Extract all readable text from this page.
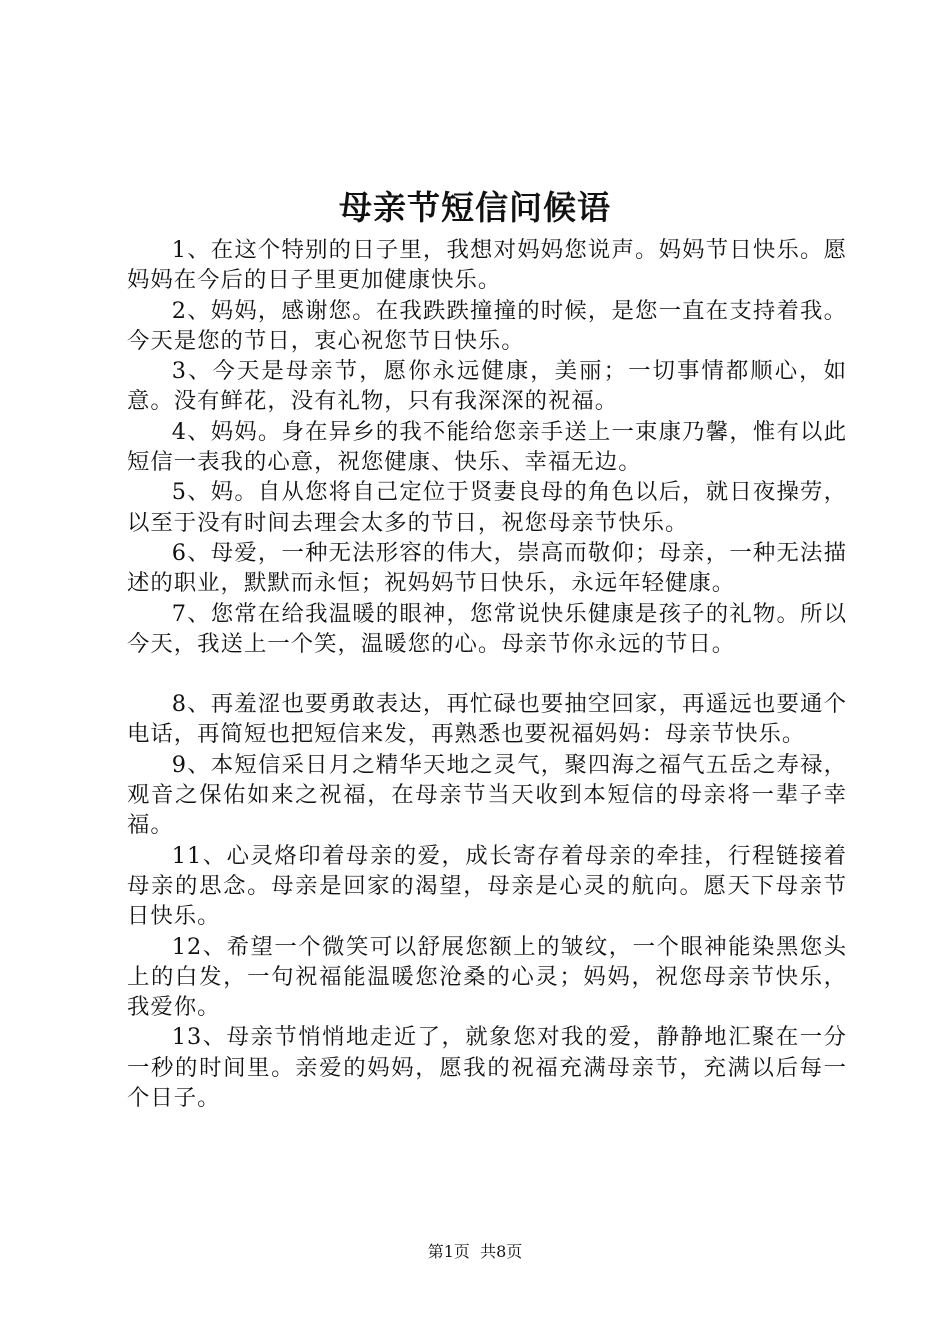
母亲节短信问候语

1、在这个特别的日子里，我想对妈妈您说声。妈妈节日快乐。愿妈妈在今后的日子里更加健康快乐。

2、妈妈，感谢您。在我跌跌撞撞的时候，是您一直在支持着我。今天是您的节日，衷心祝您节日快乐。

3、今天是母亲节，愿你永远健康，美丽；一切事情都顺心，如意。没有鲜花，没有礼物，只有我深深的祝福。

4、妈妈。身在异乡的我不能给您亲手送上一束康乃馨，惟有以此短信一表我的心意，祝您健康、快乐、幸福无边。

5、妈。自从您将自己定位于贤妻良母的角色以后，就日夜操劳，以至于没有时间去理会太多的节日，祝您母亲节快乐。

6、母爱，一种无法形容的伟大，崇高而敬仰；母亲，一种无法描述的职业，默默而永恒；祝妈妈节日快乐，永远年轻健康。

7、您常在给我温暖的眼神，您常说快乐健康是孩子的礼物。所以今天，我送上一个笑，温暖您的心。母亲节你永远的节日。

8、再羞涩也要勇敢表达，再忙碌也要抽空回家，再遥远也要通个电话，再简短也把短信来发，再熟悉也要祝福妈妈：母亲节快乐。

9、本短信采日月之精华天地之灵气，聚四海之福气五岳之寿禄，观音之保佑如来之祝福，在母亲节当天收到本短信的母亲将一辈子幸福。

11、心灵烙印着母亲的爱，成长寄存着母亲的牵挂，行程链接着母亲的思念。母亲是回家的渴望，母亲是心灵的航向。愿天下母亲节日快乐。

12、希望一个微笑可以舒展您额上的皱纹，一个眼神能染黑您头上的白发，一句祝福能温暖您沧桑的心灵；妈妈，祝您母亲节快乐，我爱你。

13、母亲节悄悄地走近了，就象您对我的爱，静静地汇聚在一分一秒的时间里。亲爱的妈妈，愿我的祝福充满母亲节，充满以后每一个日子。

第1页 共8页
